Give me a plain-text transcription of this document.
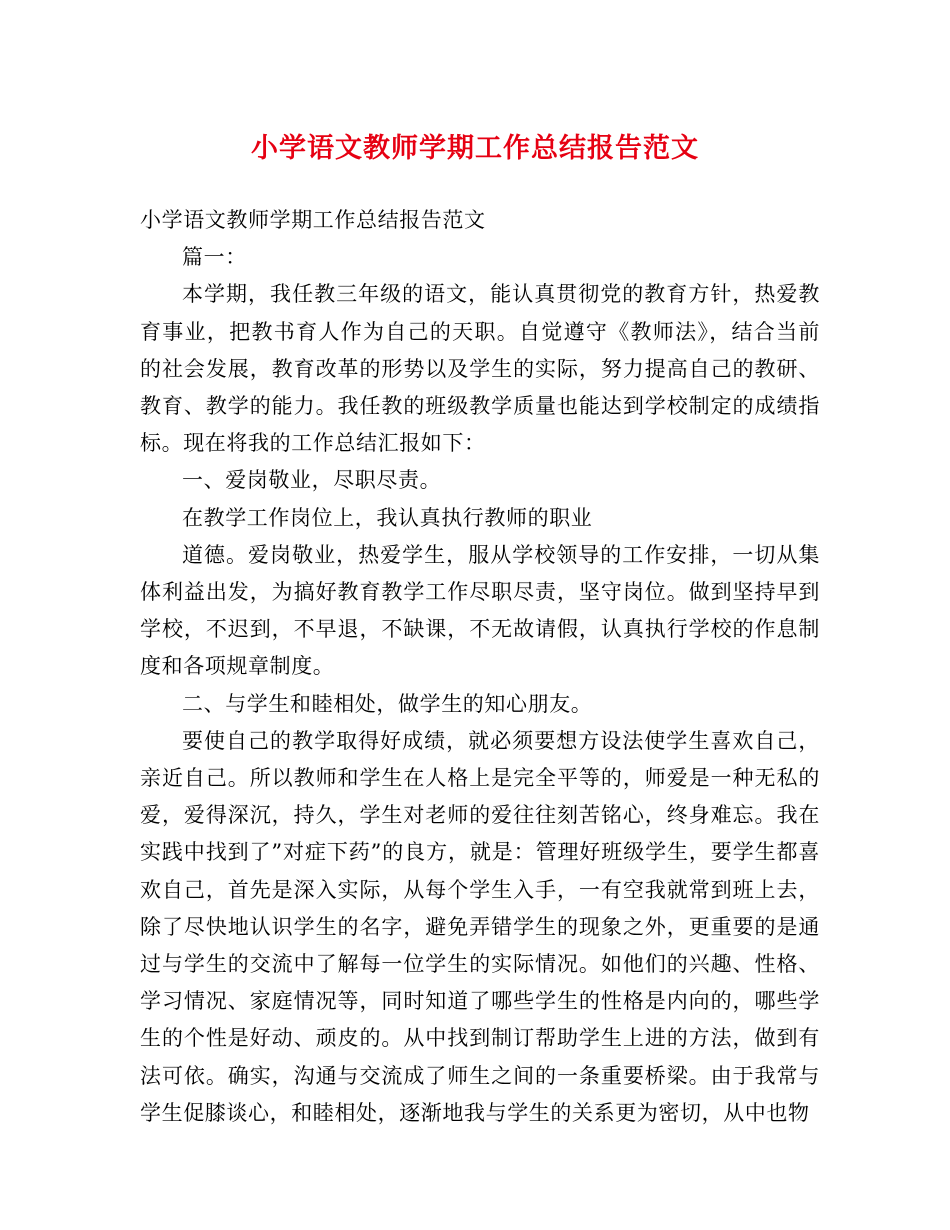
小学语文教师学期工作总结报告范文

小学语文教师学期工作总结报告范文

篇一：

本学期，我任教三年级的语文，能认真贯彻党的教育方针，热爱教育事业，把教书育人作为自己的天职。自觉遵守《教师法》，结合当前的社会发展，教育改革的形势以及学生的实际，努力提高自己的教研、教育、教学的能力。我任教的班级教学质量也能达到学校制定的成绩指标。现在将我的工作总结汇报如下：

一、爱岗敬业，尽职尽责。

在教学工作岗位上，我认真执行教师的职业

道德。爱岗敬业，热爱学生，服从学校领导的工作安排，一切从集体利益出发，为搞好教育教学工作尽职尽责，坚守岗位。做到坚持早到学校，不迟到，不早退，不缺课，不无故请假，认真执行学校的作息制度和各项规章制度。

二、与学生和睦相处，做学生的知心朋友。

要使自己的教学取得好成绩，就必须要想方设法使学生喜欢自己，亲近自己。所以教师和学生在人格上是完全平等的，师爱是一种无私的爱，爱得深沉，持久，学生对老师的爱往往刻苦铭心，终身难忘。我在实践中找到了”对症下药”的良方，就是：管理好班级学生，要学生都喜欢自己，首先是深入实际，从每个学生入手，一有空我就常到班上去，除了尽快地认识学生的名字，避免弄错学生的现象之外，更重要的是通过与学生的交流中了解每一位学生的实际情况。如他们的兴趣、性格、学习情况、家庭情况等，同时知道了哪些学生的性格是内向的，哪些学生的个性是好动、顽皮的。从中找到制订帮助学生上进的方法，做到有法可依。确实，沟通与交流成了师生之间的一条重要桥梁。由于我常与学生促膝谈心，和睦相处，逐渐地我与学生的关系更为密切，从中也物
